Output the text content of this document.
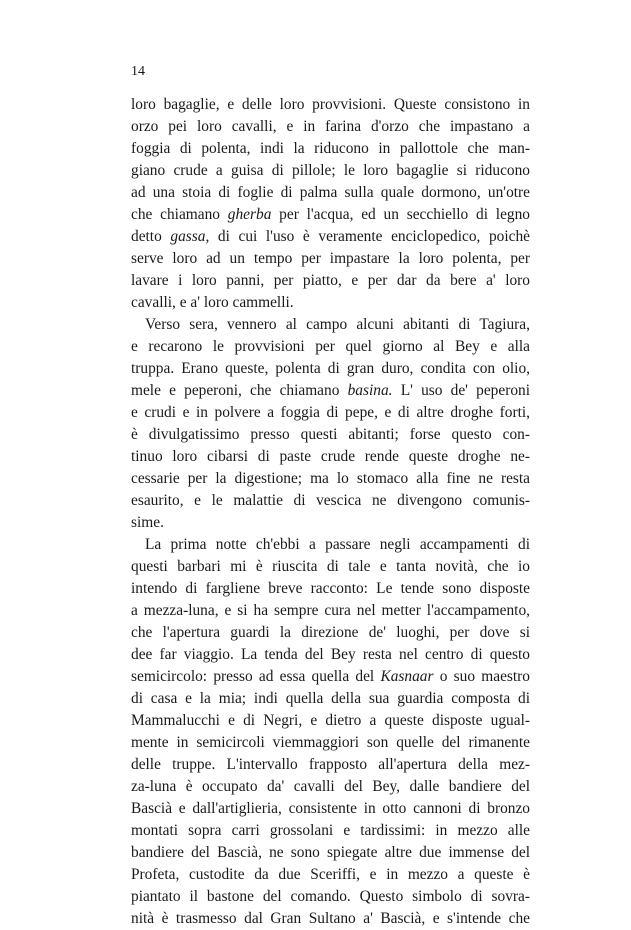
14
loro bagaglie, e delle loro provvisioni. Queste consistono in
orzo pei loro cavalli, e in farina d'orzo che impastano a
foggia di polenta, indi la riducono in pallottole che man-
giano crude a guisa di pillole; le loro bagaglie si riducono
ad una stoia di foglie di palma sulla quale dormono, un'otre
che chiamano gherba per l'acqua, ed un secchiello di legno
detto gassa, di cui l'uso è veramente enciclopedico, poichè
serve loro ad un tempo per impastare la loro polenta, per
lavare i loro panni, per piatto, e per dar da bere a' loro
cavalli, e a' loro cammelli.
Verso sera, vennero al campo alcuni abitanti di Tagiura,
e recarono le provvisioni per quel giorno al Bey e alla
truppa. Erano queste, polenta di gran duro, condita con olio,
mele e peperoni, che chiamano basina. L' uso de' peperoni
e crudi e in polvere a foggia di pepe, e di altre droghe forti,
è divulgatissimo presso questi abitanti; forse questo con-
tinuo loro cibarsi di paste crude rende queste droghe ne-
cessarie per la digestione; ma lo stomaco alla fine ne resta
esaurito, e le malattie di vescica ne divengono comunis-
sime.
La prima notte ch'ebbi a passare negli accampamenti di
questi barbari mi è riuscita di tale e tanta novità, che io
intendo di fargliene breve racconto: Le tende sono disposte
a mezza-luna, e si ha sempre cura nel metter l'accampamento,
che l'apertura guardi la direzione de' luoghi, per dove si
dee far viaggio. La tenda del Bey resta nel centro di questo
semicircolo: presso ad essa quella del Kasnaar o suo maestro
di casa e la mia; indi quella della sua guardia composta di
Mammalucchi e di Negri, e dietro a queste disposte ugual-
mente in semicircoli viemmaggiori son quelle del rimanente
delle truppe. L'intervallo frapposto all'apertura della mez-
za-luna è occupato da' cavalli del Bey, dalle bandiere del
Bascià e dall'artiglieria, consistente in otto cannoni di bronzo
montati sopra carri grossolani e tardissimi: in mezzo alle
bandiere del Bascià, ne sono spiegate altre due immense del
Profeta, custodite da due Sceriffi, e in mezzo a queste è
piantato il bastone del comando. Questo simbolo di sovra-
nità è trasmesso dal Gran Sultano a' Bascià, e s'intende che
